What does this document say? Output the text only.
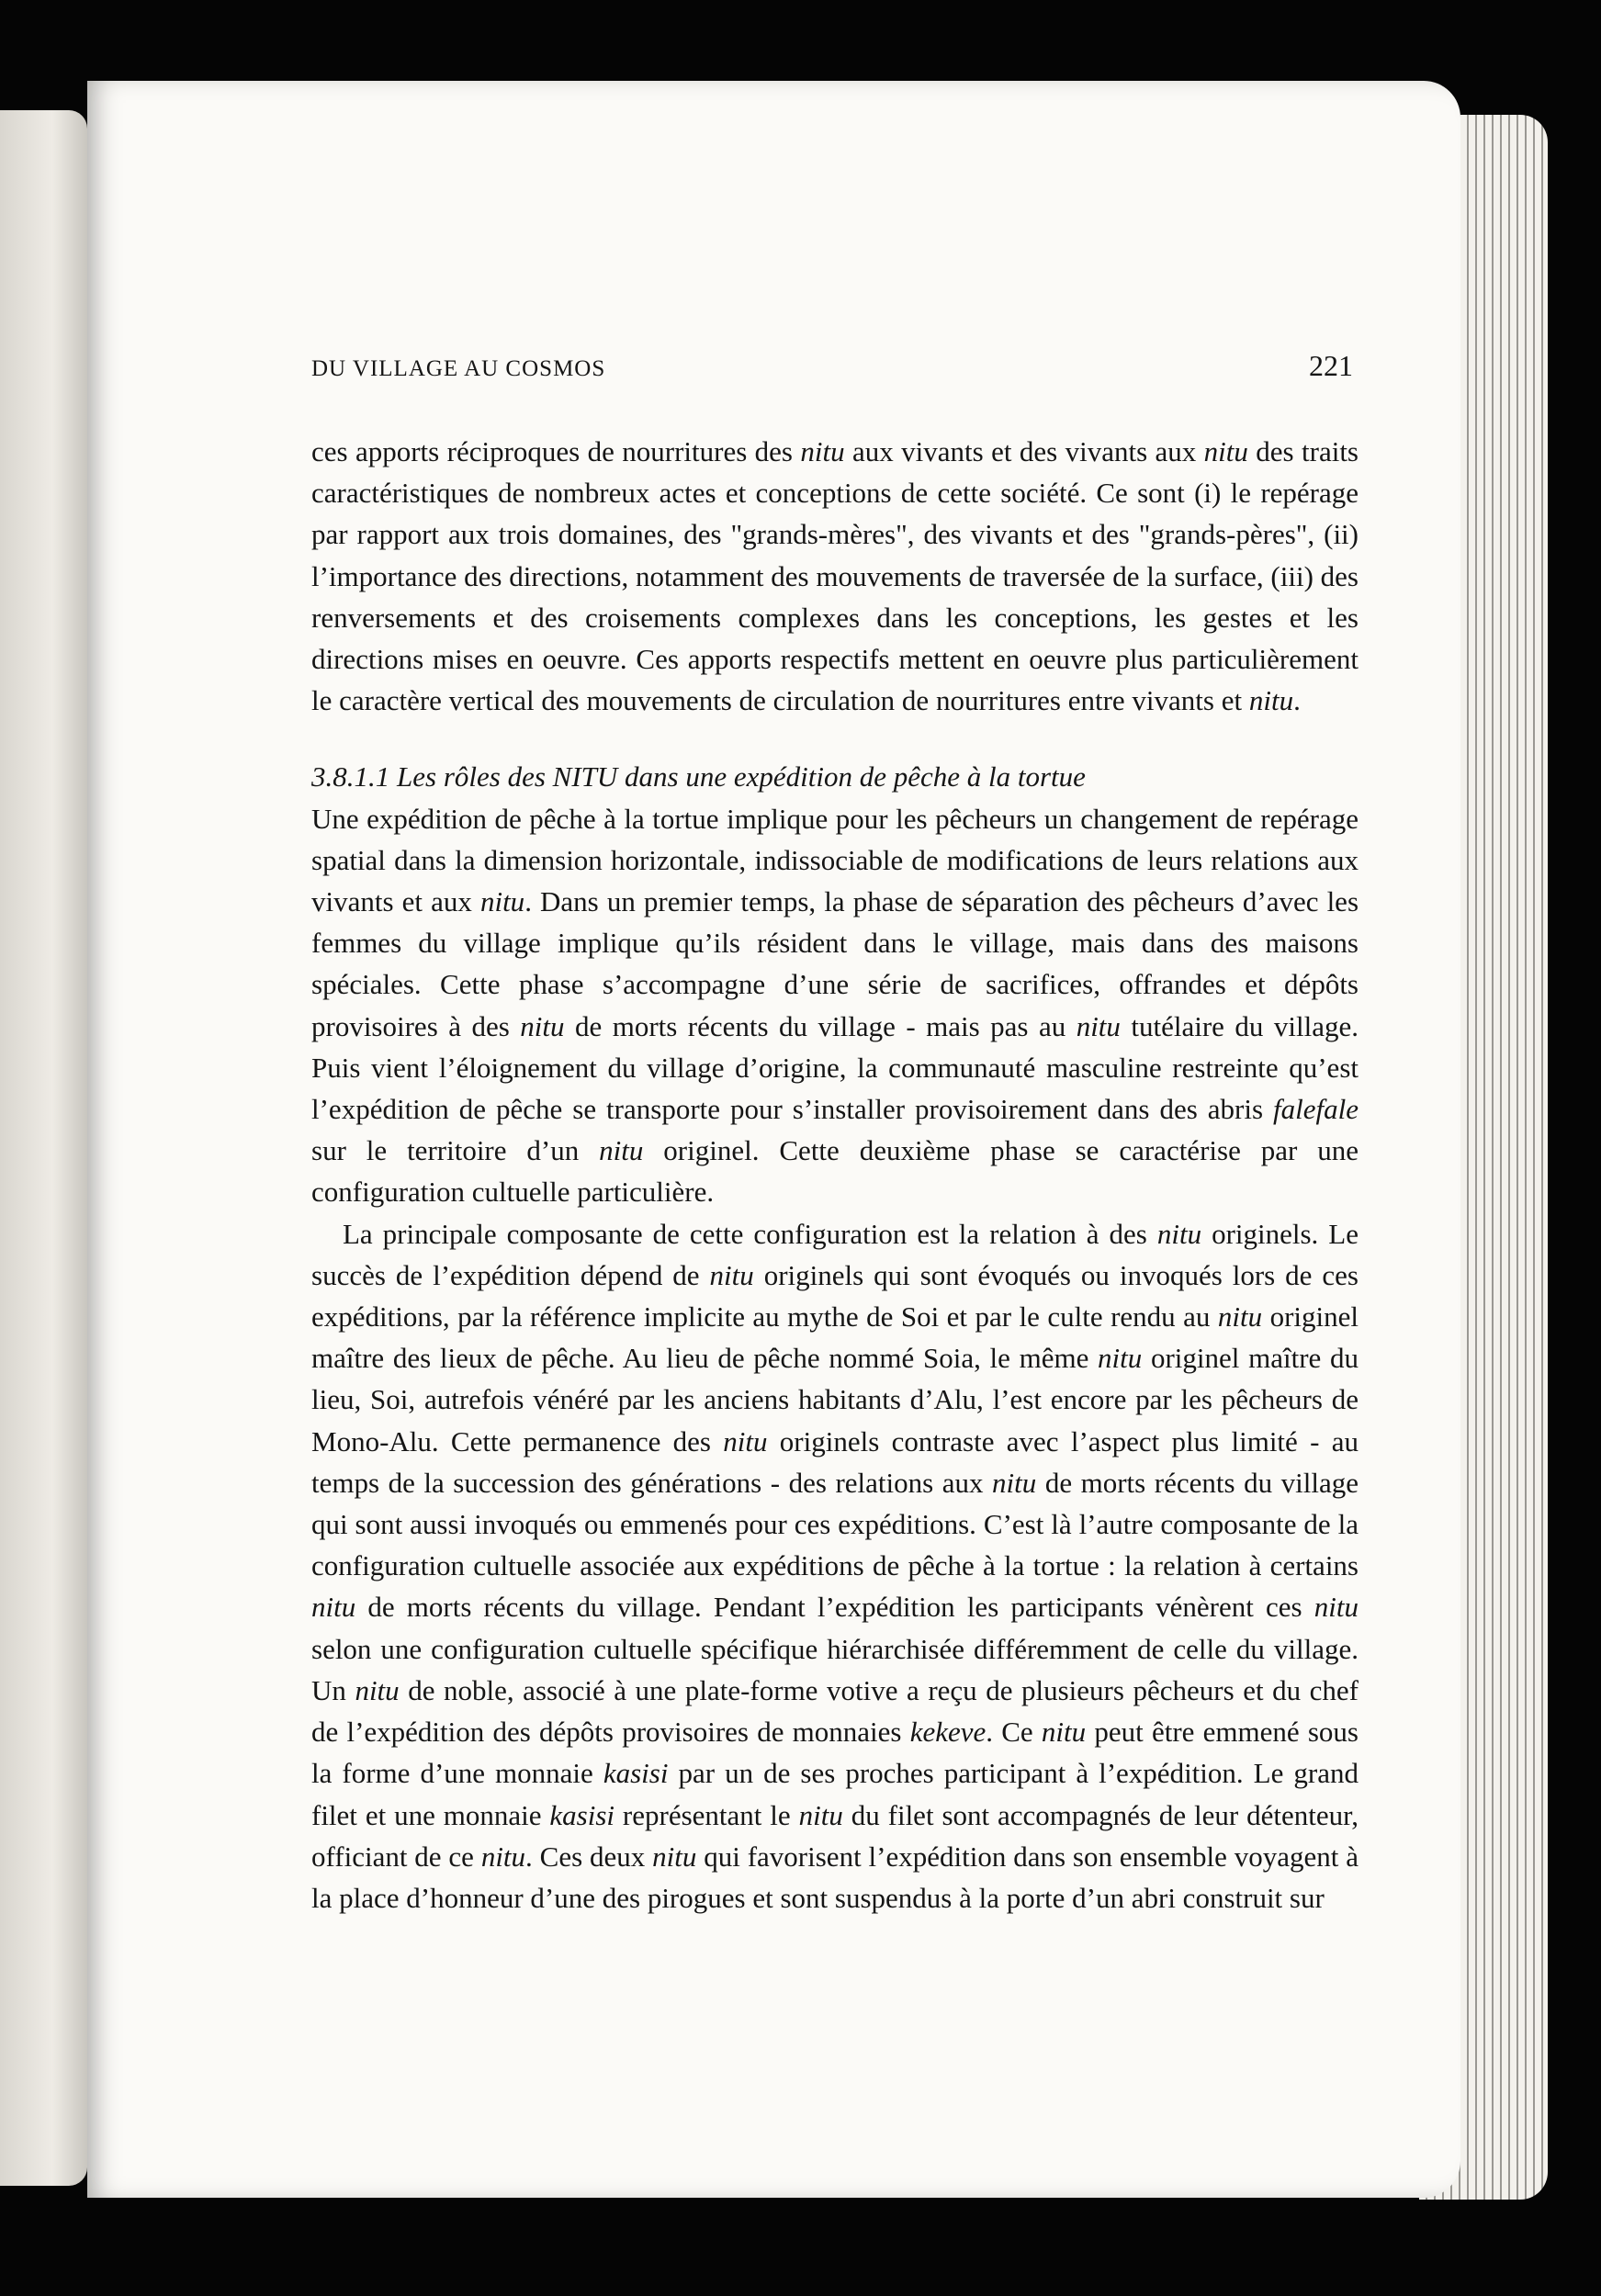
DU VILLAGE AU COSMOS	221

ces apports réciproques de nourritures des nitu aux vivants et des vivants aux nitu des traits caractéristiques de nombreux actes et conceptions de cette société. Ce sont (i) le repérage par rapport aux trois domaines, des "grands-mères", des vivants et des "grands-pères", (ii) l’importance des directions, notamment des mouvements de traversée de la surface, (iii) des renversements et des croisements complexes dans les conceptions, les gestes et les directions mises en oeuvre. Ces apports respectifs mettent en oeuvre plus particulièrement le caractère vertical des mouvements de circulation de nourritures entre vivants et nitu.

3.8.1.1 Les rôles des NITU dans une expédition de pêche à la tortue

Une expédition de pêche à la tortue implique pour les pêcheurs un changement de repérage spatial dans la dimension horizontale, indissociable de modifications de leurs relations aux vivants et aux nitu. Dans un premier temps, la phase de séparation des pêcheurs d’avec les femmes du village implique qu’ils résident dans le village, mais dans des maisons spéciales. Cette phase s’accompagne d’une série de sacrifices, offrandes et dépôts provisoires à des nitu de morts récents du village - mais pas au nitu tutélaire du village. Puis vient l’éloignement du village d’origine, la communauté masculine restreinte qu’est l’expédition de pêche se transporte pour s’installer provisoirement dans des abris falefale sur le territoire d’un nitu originel. Cette deuxième phase se caractérise par une configuration cultuelle particulière.

La principale composante de cette configuration est la relation à des nitu originels. Le succès de l’expédition dépend de nitu originels qui sont évoqués ou invoqués lors de ces expéditions, par la référence implicite au mythe de Soi et par le culte rendu au nitu originel maître des lieux de pêche. Au lieu de pêche nommé Soia, le même nitu originel maître du lieu, Soi, autrefois vénéré par les anciens habitants d’Alu, l’est encore par les pêcheurs de Mono-Alu. Cette permanence des nitu originels contraste avec l’aspect plus limité - au temps de la succession des générations - des relations aux nitu de morts récents du village qui sont aussi invoqués ou emmenés pour ces expéditions. C’est là l’autre composante de la configuration cultuelle associée aux expéditions de pêche à la tortue : la relation à certains nitu de morts récents du village. Pendant l’expédition les participants vénèrent ces nitu selon une configuration cultuelle spécifique hiérarchisée différemment de celle du village. Un nitu de noble, associé à une plate-forme votive a reçu de plusieurs pêcheurs et du chef de l’expédition des dépôts provisoires de monnaies kekeve. Ce nitu peut être emmené sous la forme d’une monnaie kasisi par un de ses proches participant à l’expédition. Le grand filet et une monnaie kasisi représentant le nitu du filet sont accompagnés de leur détenteur, officiant de ce nitu. Ces deux nitu qui favorisent l’expédition dans son ensemble voyagent à la place d’honneur d’une des pirogues et sont suspendus à la porte d’un abri construit sur
